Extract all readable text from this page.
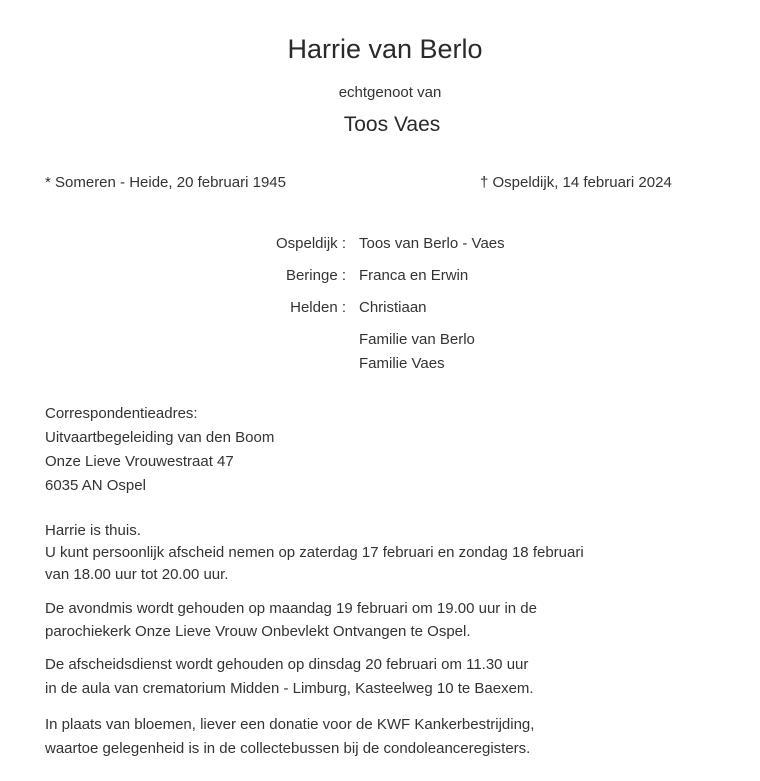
Harrie van Berlo
echtgenoot van
Toos Vaes
* Someren - Heide, 20 februari 1945	† Ospeldijk, 14 februari 2024
Ospeldijk : Toos van Berlo - Vaes
Beringe : Franca en Erwin
Helden : Christiaan
Familie van Berlo
Familie Vaes
Correspondentieadres:
Uitvaartbegeleiding van den Boom
Onze Lieve Vrouwestraat 47
6035 AN Ospel
Harrie is thuis.
U kunt persoonlijk afscheid nemen op zaterdag 17 februari en zondag 18 februari
van 18.00 uur tot 20.00 uur.
De avondmis wordt gehouden op maandag 19 februari om 19.00 uur in de
parochiekerk Onze Lieve Vrouw Onbevlekt Ontvangen te Ospel.
De afscheidsdienst wordt gehouden op dinsdag 20 februari om 11.30 uur
in de aula van crematorium Midden - Limburg, Kasteelweg 10 te Baexem.
In plaats van bloemen, liever een donatie voor de KWF Kankerbestrijding,
waartoe gelegenheid is in de collectebussen bij de condoleanceregisters.
